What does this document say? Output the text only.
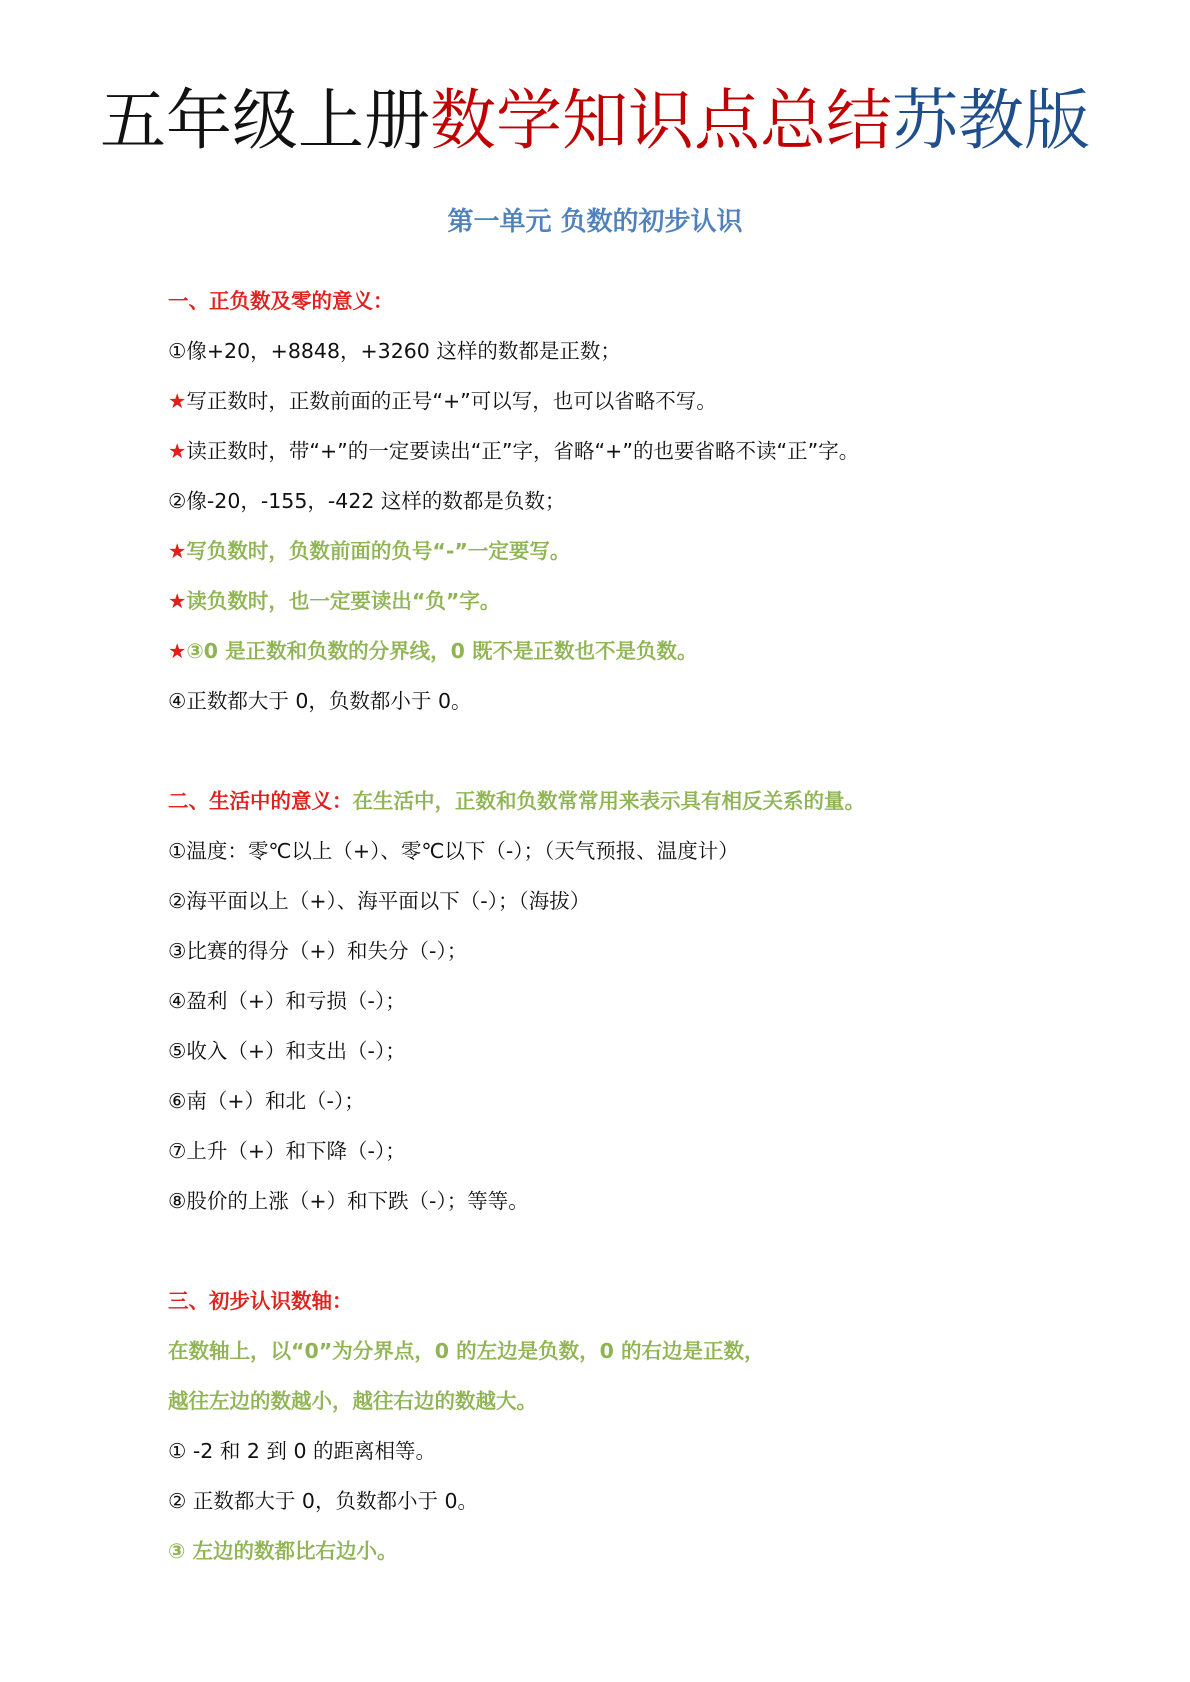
五年级上册数学知识点总结苏教版
第一单元 负数的初步认识
一、正负数及零的意义：
①像+20，+8848，+3260 这样的数都是正数；
★写正数时，正数前面的正号“+”可以写，也可以省略不写。
★读正数时，带“+”的一定要读出“正”字，省略“+”的也要省略不读“正”字。
②像-20，-155，-422 这样的数都是负数；
★写负数时，负数前面的负号“-”一定要写。
★读负数时，也一定要读出“负”字。
★③0 是正数和负数的分界线，0 既不是正数也不是负数。
④正数都大于 0，负数都小于 0。
二、生活中的意义：在生活中，正数和负数常常用来表示具有相反关系的量。
①温度：零℃以上（+）、零℃以下（-）；（天气预报、温度计）
②海平面以上（+）、海平面以下（-）；（海拔）
③比赛的得分（+）和失分（-）；
④盈利（+）和亏损（-）；
⑤收入（+）和支出（-）；
⑥南（+）和北（-）；
⑦上升（+）和下降（-）；
⑧股价的上涨（+）和下跌（-）；等等。
三、初步认识数轴：
在数轴上，以“0”为分界点，0 的左边是负数，0 的右边是正数，
越往左边的数越小，越往右边的数越大。
① -2 和 2 到 0 的距离相等。
② 正数都大于 0，负数都小于 0。
③ 左边的数都比右边小。
